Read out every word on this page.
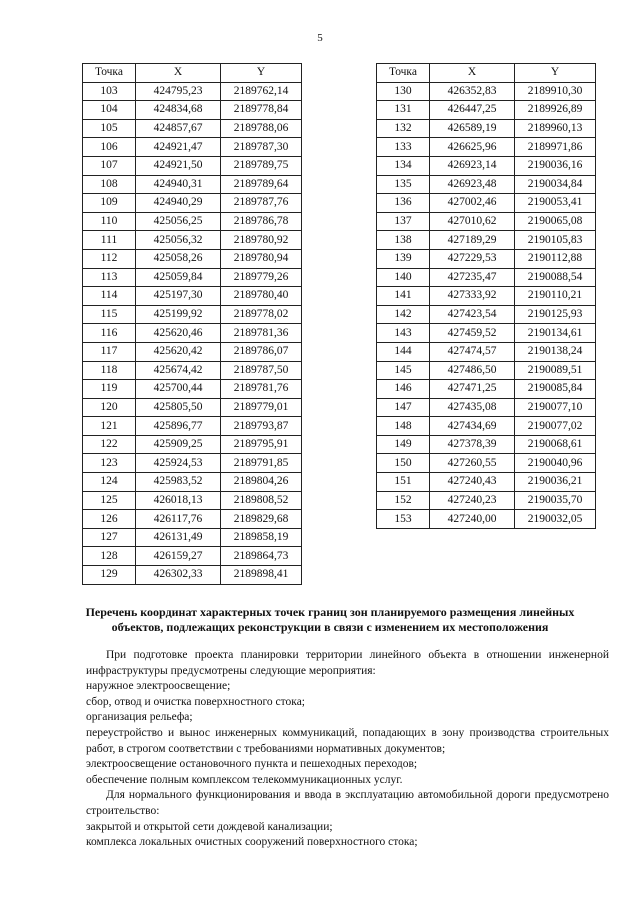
5
Точка	X	Y
103	424795,23	2189762,14
104	424834,68	2189778,84
105	424857,67	2189788,06
106	424921,47	2189787,30
107	424921,50	2189789,75
108	424940,31	2189789,64
109	424940,29	2189787,76
110	425056,25	2189786,78
111	425056,32	2189780,92
112	425058,26	2189780,94
113	425059,84	2189779,26
114	425197,30	2189780,40
115	425199,92	2189778,02
116	425620,46	2189781,36
117	425620,42	2189786,07
118	425674,42	2189787,50
119	425700,44	2189781,76
120	425805,50	2189779,01
121	425896,77	2189793,87
122	425909,25	2189795,91
123	425924,53	2189791,85
124	425983,52	2189804,26
125	426018,13	2189808,52
126	426117,76	2189829,68
127	426131,49	2189858,19
128	426159,27	2189864,73
129	426302,33	2189898,41
Точка	X	Y
130	426352,83	2189910,30
131	426447,25	2189926,89
132	426589,19	2189960,13
133	426625,96	2189971,86
134	426923,14	2190036,16
135	426923,48	2190034,84
136	427002,46	2190053,41
137	427010,62	2190065,08
138	427189,29	2190105,83
139	427229,53	2190112,88
140	427235,47	2190088,54
141	427333,92	2190110,21
142	427423,54	2190125,93
143	427459,52	2190134,61
144	427474,57	2190138,24
145	427486,50	2190089,51
146	427471,25	2190085,84
147	427435,08	2190077,10
148	427434,69	2190077,02
149	427378,39	2190068,61
150	427260,55	2190040,96
151	427240,43	2190036,21
152	427240,23	2190035,70
153	427240,00	2190032,05
Перечень координат характерных точек границ зон планируемого размещения линейных объектов, подлежащих реконструкции в связи с изменением их местоположения

При подготовке проекта планировки территории линейного объекта в отношении инженерной инфраструктуры предусмотрены следующие мероприятия:

наружное электроосвещение;

сбор, отвод и очистка поверхностного стока;

организация рельефа;

переустройство и вынос инженерных коммуникаций, попадающих в зону производства строительных работ, в строгом соответствии с требованиями нормативных документов;

электроосвещение остановочного пункта и пешеходных переходов;

обеспечение полным комплексом телекоммуникационных услуг.

Для нормального функционирования и ввода в эксплуатацию автомобильной дороги предусмотрено строительство:

закрытой и открытой сети дождевой канализации;

комплекса локальных очистных сооружений поверхностного стока;
